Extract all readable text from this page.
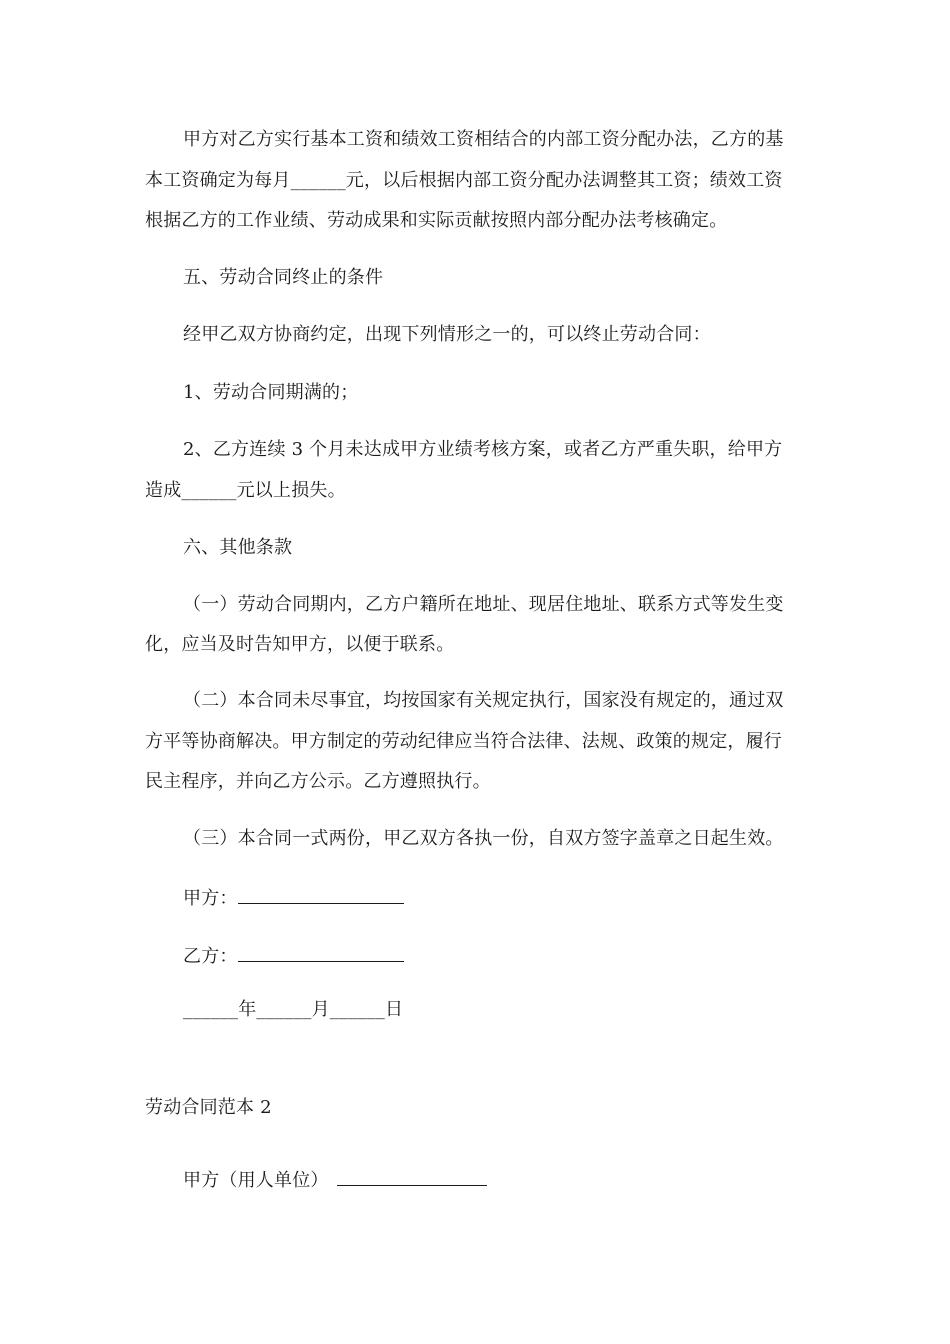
甲方对乙方实行基本工资和绩效工资相结合的内部工资分配办法，乙方的基
本工资确定为每月______元，以后根据内部工资分配办法调整其工资；绩效工资
根据乙方的工作业绩、劳动成果和实际贡献按照内部分配办法考核确定。
五、劳动合同终止的条件
经甲乙双方协商约定，出现下列情形之一的，可以终止劳动合同：
1、劳动合同期满的；
2、乙方连续 3 个月未达成甲方业绩考核方案，或者乙方严重失职，给甲方
造成______元以上损失。
六、其他条款
（一）劳动合同期内，乙方户籍所在地址、现居住地址、联系方式等发生变
化，应当及时告知甲方，以便于联系。
（二）本合同未尽事宜，均按国家有关规定执行，国家没有规定的，通过双
方平等协商解决。甲方制定的劳动纪律应当符合法律、法规、政策的规定，履行
民主程序，并向乙方公示。乙方遵照执行。
（三）本合同一式两份，甲乙双方各执一份，自双方签字盖章之日起生效。
甲方：
乙方：
______年______月______日
劳动合同范本 2
甲方（用人单位）
